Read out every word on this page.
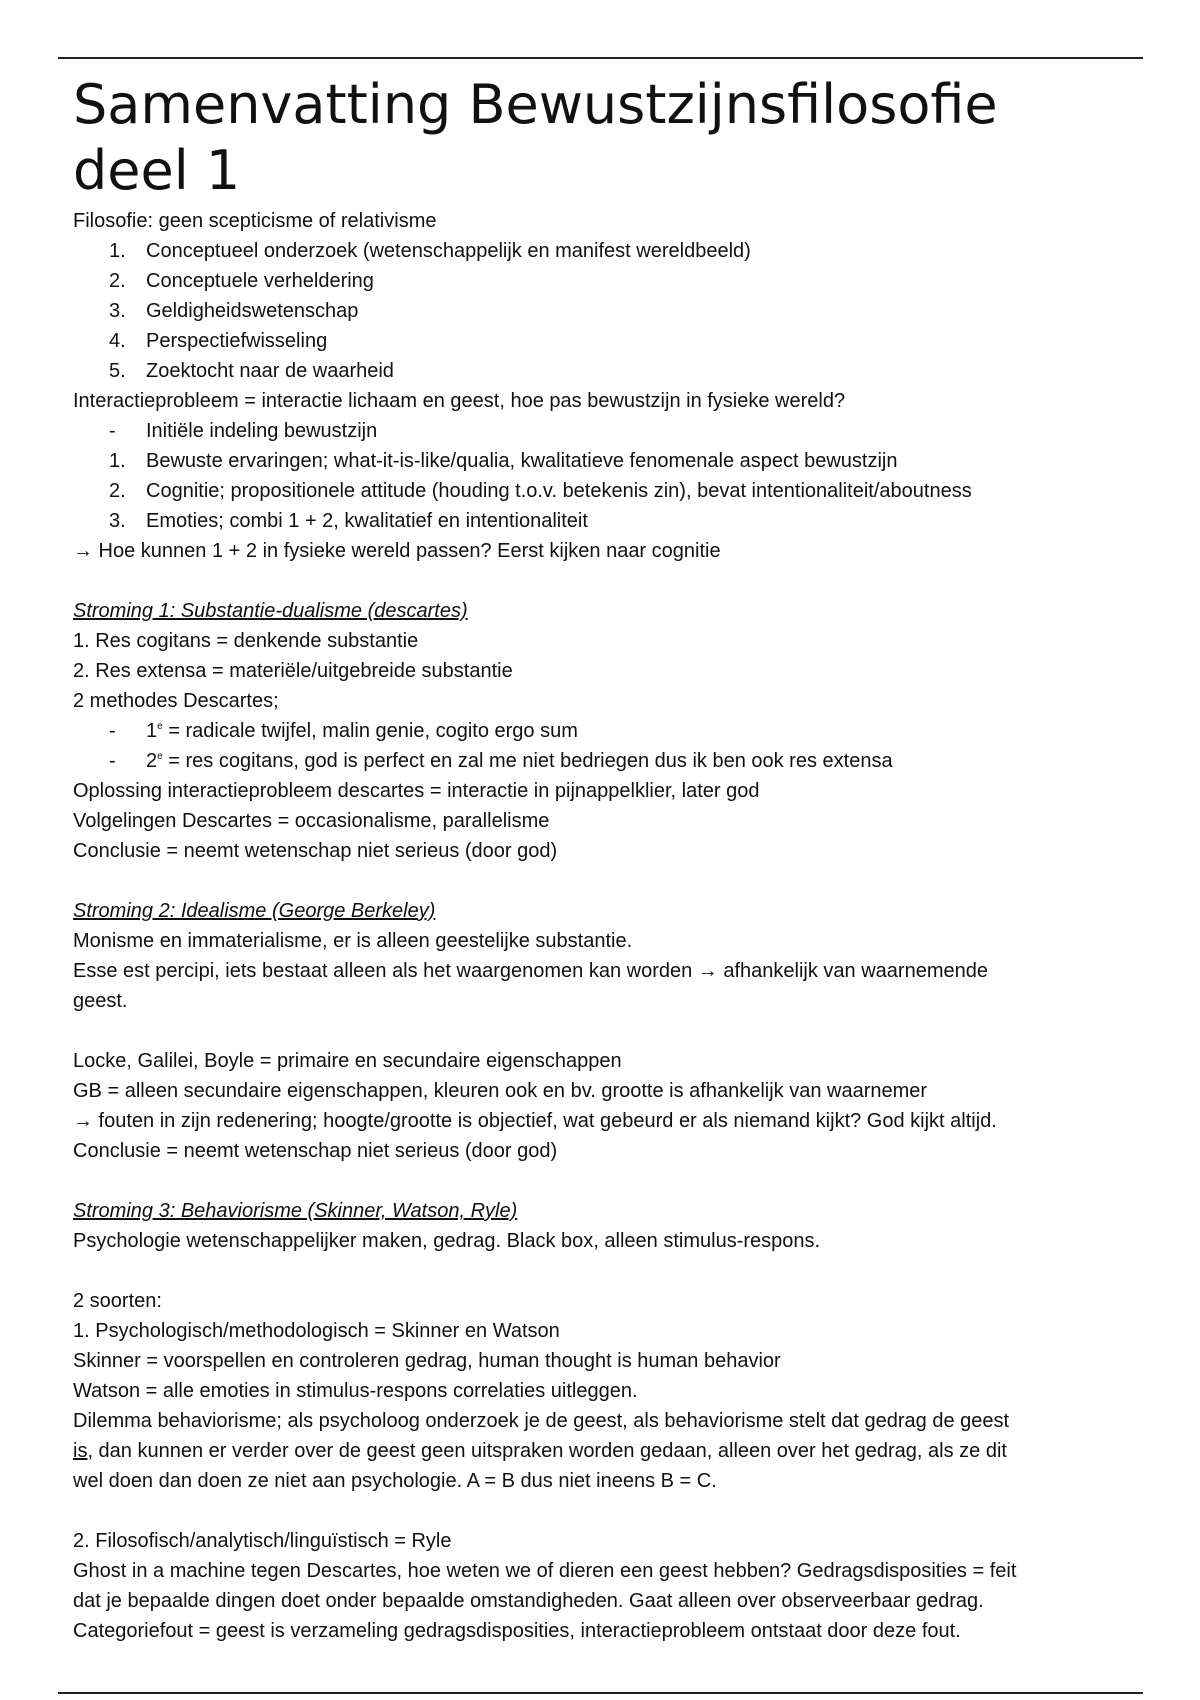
Samenvatting Bewustzijnsfilosofie
deel 1

Filosofie: geen scepticisme of relativisme

1. Conceptueel onderzoek (wetenschappelijk en manifest wereldbeeld)
2. Conceptuele verheldering
3. Geldigheidswetenschap
4. Perspectiefwisseling
5. Zoektocht naar de waarheid

Interactieprobleem = interactie lichaam en geest, hoe pas bewustzijn in fysieke wereld?

- Initiële indeling bewustzijn
1. Bewuste ervaringen; what-it-is-like/qualia, kwalitatieve fenomenale aspect bewustzijn
2. Cognitie; propositionele attitude (houding t.o.v. betekenis zin), bevat intentionaliteit/aboutness
3. Emoties; combi 1 + 2, kwalitatief en intentionaliteit

→ Hoe kunnen 1 + 2 in fysieke wereld passen? Eerst kijken naar cognitie

Stroming 1: Substantie-dualisme (descartes)

1. Res cogitans = denkende substantie

2. Res extensa = materiële/uitgebreide substantie

2 methodes Descartes;

- $1^e$ = radicale twijfel, malin genie, cogito ergo sum
- $2^e$ = res cogitans, god is perfect en zal me niet bedriegen dus ik ben ook res extensa

Oplossing interactieprobleem descartes = interactie in pijnappelklier, later god

Volgelingen Descartes = occasionalisme, parallelisme

Conclusie = neemt wetenschap niet serieus (door god)

Stroming 2: Idealisme (George Berkeley)

Monisme en immaterialisme, er is alleen geestelijke substantie.

Esse est percipi, iets bestaat alleen als het waargenomen kan worden → afhankelijk van waarnemende

geest.

Locke, Galilei, Boyle = primaire en secundaire eigenschappen

GB = alleen secundaire eigenschappen, kleuren ook en bv. grootte is afhankelijk van waarnemer

→ fouten in zijn redenering; hoogte/grootte is objectief, wat gebeurd er als niemand kijkt? God kijkt altijd.

Conclusie = neemt wetenschap niet serieus (door god)

Stroming 3: Behaviorisme (Skinner, Watson, Ryle)

Psychologie wetenschappelijker maken, gedrag. Black box, alleen stimulus-respons.

2 soorten:

1. Psychologisch/methodologisch = Skinner en Watson

Skinner = voorspellen en controleren gedrag, human thought is human behavior

Watson = alle emoties in stimulus-respons correlaties uitleggen.

Dilemma behaviorisme; als psycholoog onderzoek je de geest, als behaviorisme stelt dat gedrag de geest

is, dan kunnen er verder over de geest geen uitspraken worden gedaan, alleen over het gedrag, als ze dit

wel doen dan doen ze niet aan psychologie. A = B dus niet ineens B = C.

2. Filosofisch/analytisch/linguïstisch = Ryle

Ghost in a machine tegen Descartes, hoe weten we of dieren een geest hebben? Gedragsdisposities = feit

dat je bepaalde dingen doet onder bepaalde omstandigheden. Gaat alleen over observeerbaar gedrag.

Categoriefout = geest is verzameling gedragsdisposities, interactieprobleem ontstaat door deze fout.
